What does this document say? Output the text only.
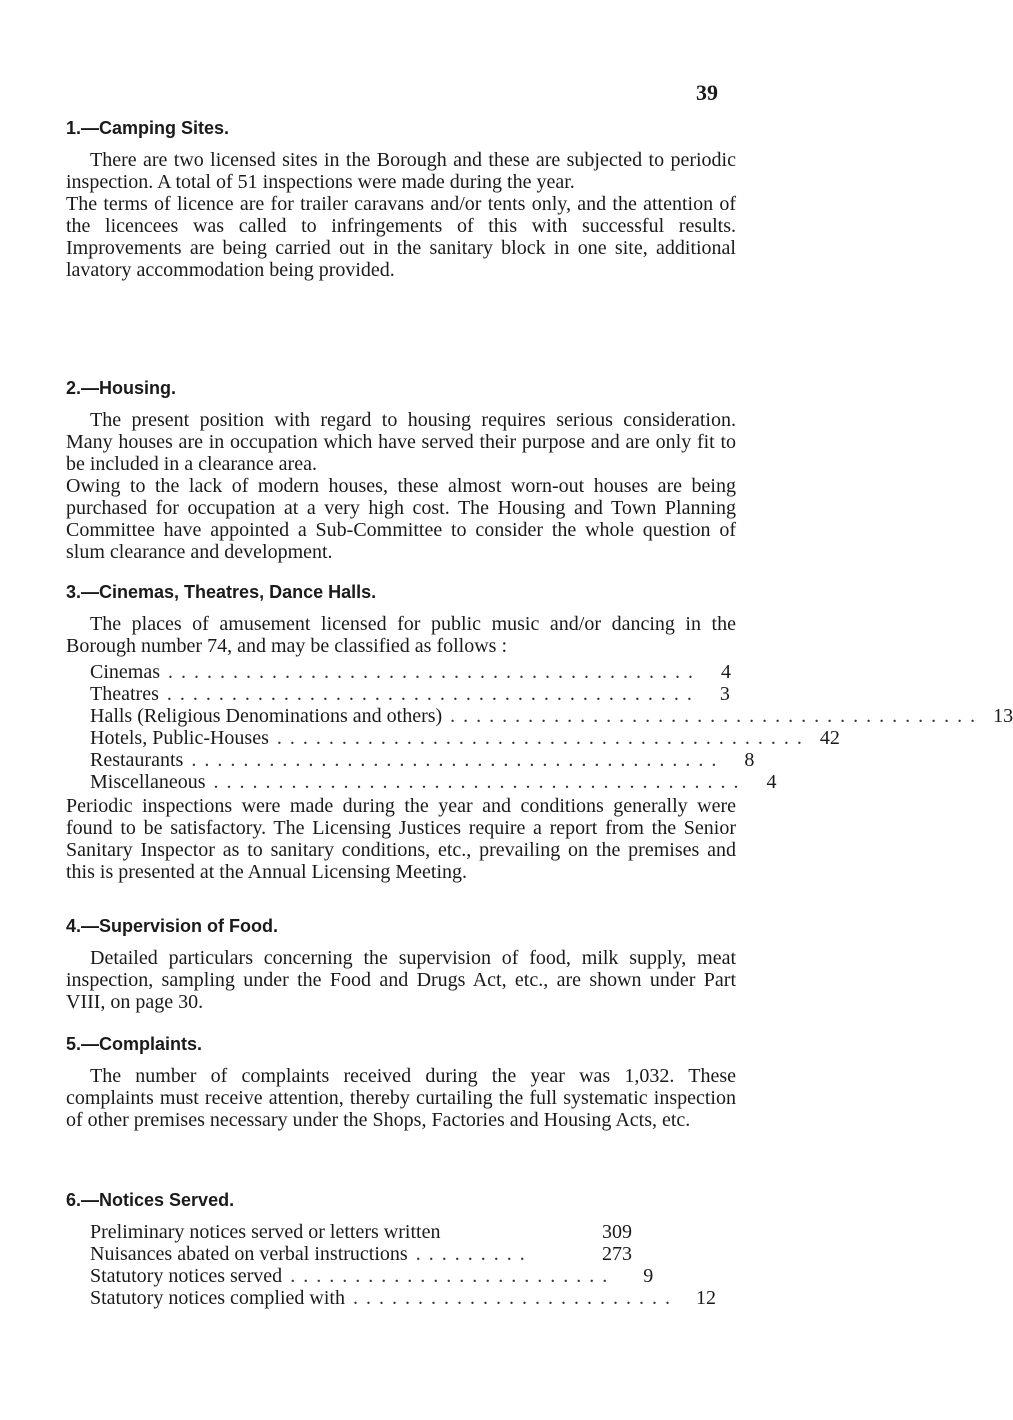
39
1.—Camping Sites.

There are two licensed sites in the Borough and these are subjected to periodic inspection. A total of 51 inspections were made during the year.

The terms of licence are for trailer caravans and/or tents only, and the attention of the licencees was called to infringements of this with successful results. Improvements are being carried out in the sanitary block in one site, additional lavatory accommodation being provided.

2.—Housing.

The present position with regard to housing requires serious consideration. Many houses are in occupation which have served their purpose and are only fit to be included in a clearance area.

Owing to the lack of modern houses, these almost worn-out houses are being purchased for occupation at a very high cost. The Housing and Town Planning Committee have appointed a Sub-Committee to consider the whole question of slum clearance and development.

3.—Cinemas, Theatres, Dance Halls.

The places of amusement licensed for public music and/or dancing in the Borough number 74, and may be classified as follows :

Cinemas .........................................	4
Theatres .........................................	3
Halls (Religious Denominations and others) ......................................... 13
Hotels, Public-Houses ......................................... 42
Restaurants .........................................	8
Miscellaneous .........................................	4

Periodic inspections were made during the year and conditions generally were found to be satisfactory. The Licensing Justices require a report from the Senior Sanitary Inspector as to sanitary conditions, etc., prevailing on the premises and this is presented at the Annual Licensing Meeting.

4.—Supervision of Food.

Detailed particulars concerning the supervision of food, milk supply, meat inspection, sampling under the Food and Drugs Act, etc., are shown under Part VIII, on page 30.

5.—Complaints.

The number of complaints received during the year was 1,032. These complaints must receive attention, thereby curtailing the full systematic inspection of other premises necessary under the Shops, Factories and Housing Acts, etc.

6.—Notices Served.
Preliminary notices served or letters written	309
Nuisances abated on verbal instructions .........	273
Statutory notices served .........................	9
Statutory notices complied with ......................... 12
